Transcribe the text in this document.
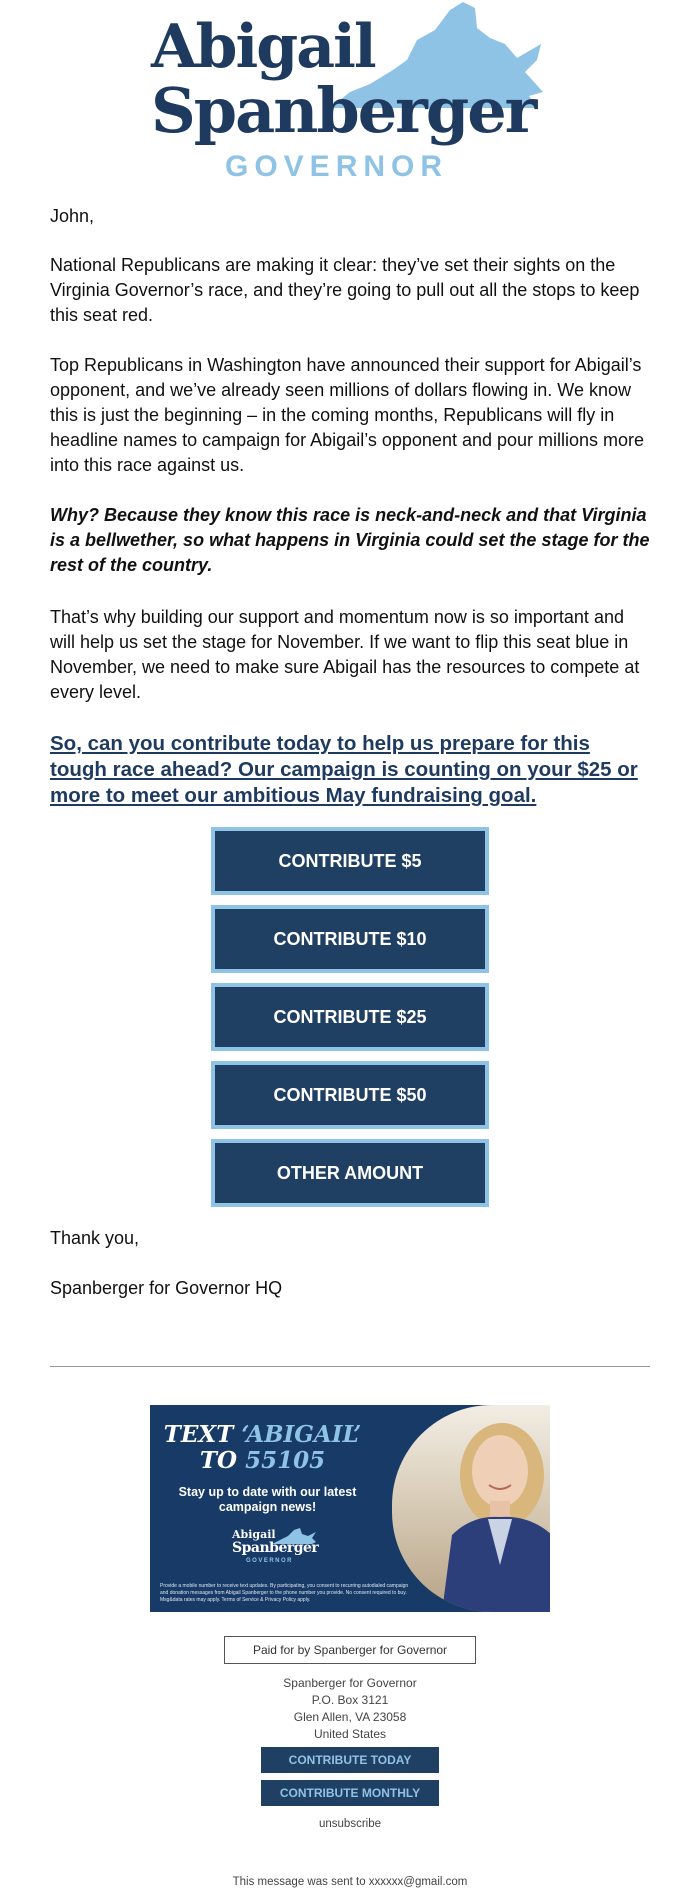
Abigail
Spanberger
GOVERNOR
John,
National Republicans are making it clear: they’ve set their sights on the Virginia Governor’s race, and they’re going to pull out all the stops to keep this seat red.
Top Republicans in Washington have announced their support for Abigail’s opponent, and we’ve already seen millions of dollars flowing in. We know this is just the beginning – in the coming months, Republicans will fly in headline names to campaign for Abigail’s opponent and pour millions more into this race against us.
Why? Because they know this race is neck-and-neck and that Virginia is a bellwether, so what happens in Virginia could set the stage for the rest of the country.
That’s why building our support and momentum now is so important and will help us set the stage for November. If we want to flip this seat blue in November, we need to make sure Abigail has the resources to compete at every level.
So, can you contribute today to help us prepare for this tough race ahead? Our campaign is counting on your $25 or more to meet our ambitious May fundraising goal.
CONTRIBUTE $5
CONTRIBUTE $10
CONTRIBUTE $25
CONTRIBUTE $50
OTHER AMOUNT
Thank you,
Spanberger for Governor HQ
TEXT ‘ABIGAIL’
TO 55105
Stay up to date with our latest campaign news!
Abigail
Spanberger
GOVERNOR
Provide a mobile number to receive text updates. By participating, you consent to recurring autodialed campaign and donation messages from Abigail Spanberger to the phone number you provide. No consent required to buy. Msg&data rates may apply. Terms of Service & Privacy Policy apply.
Paid for by Spanberger for Governor
Spanberger for Governor
P.O. Box 3121
Glen Allen, VA 23058
United States
CONTRIBUTE TODAY
CONTRIBUTE MONTHLY
unsubscribe
This message was sent to xxxxxx@gmail.com
